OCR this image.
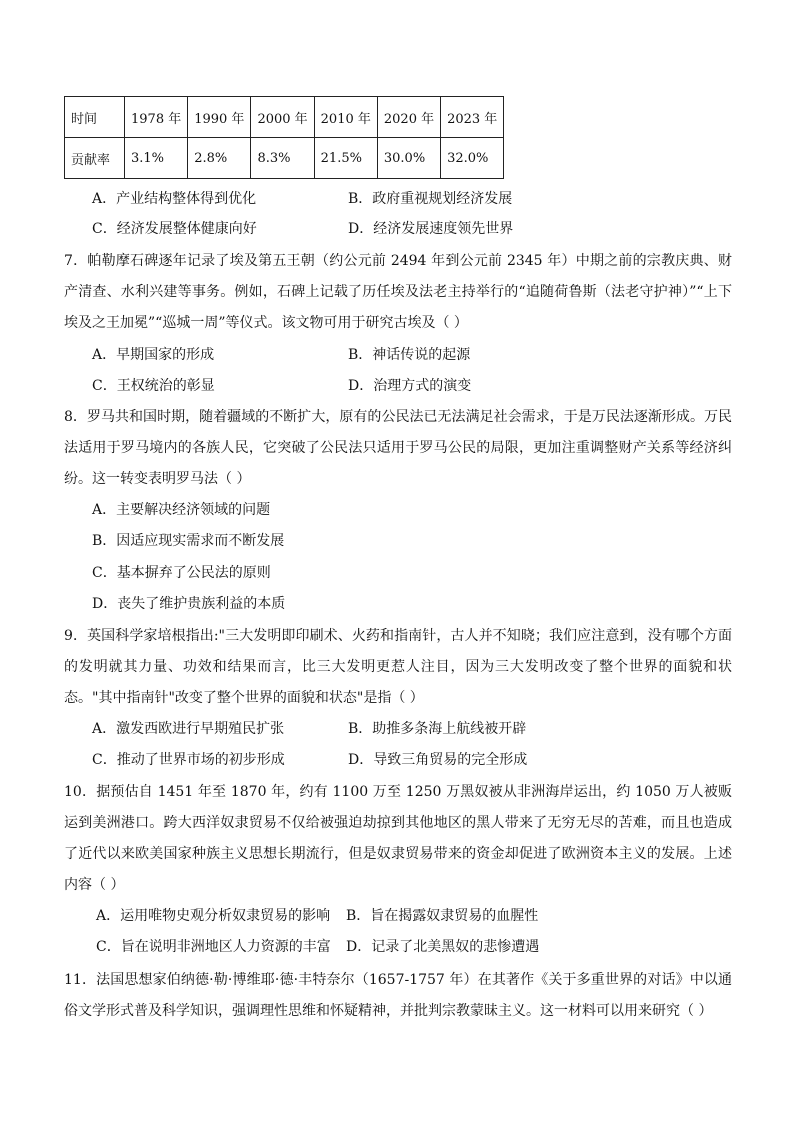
时间	1978 年	1990 年	2000 年	2010 年	2020 年	2023 年
贡献率	3.1%	2.8%	8.3%	21.5%	30.0%	32.0%
A．产业结构整体得到优化	B．政府重视规划经济发展
C．经济发展整体健康向好	D．经济发展速度领先世界
7．帕勒摩石碑逐年记录了埃及第五王朝（约公元前 2494 年到公元前 2345 年）中期之前的宗教庆典、财产清查、水利兴建等事务。例如，石碑上记载了历任埃及法老主持举行的“追随荷鲁斯（法老守护神）”“上下埃及之王加冕”“巡城一周”等仪式。该文物可用于研究古埃及（ ）
A．早期国家的形成	B．神话传说的起源
C．王权统治的彰显	D．治理方式的演变
8．罗马共和国时期，随着疆域的不断扩大，原有的公民法已无法满足社会需求，于是万民法逐渐形成。万民法适用于罗马境内的各族人民，它突破了公民法只适用于罗马公民的局限，更加注重调整财产关系等经济纠纷。这一转变表明罗马法（ ）
A．主要解决经济领域的问题
B．因适应现实需求而不断发展
C．基本摒弃了公民法的原则
D．丧失了维护贵族利益的本质
9．英国科学家培根指出:"三大发明即印刷术、火药和指南针，古人并不知晓；我们应注意到，没有哪个方面的发明就其力量、功效和结果而言，比三大发明更惹人注目，因为三大发明改变了整个世界的面貌和状态。"其中指南针"改变了整个世界的面貌和状态"是指（ ）
A．激发西欧进行早期殖民扩张	B．助推多条海上航线被开辟
C．推动了世界市场的初步形成	D．导致三角贸易的完全形成
10．据预估自 1451 年至 1870 年，约有 1100 万至 1250 万黑奴被从非洲海岸运出，约 1050 万人被贩运到美洲港口。跨大西洋奴隶贸易不仅给被强迫劫掠到其他地区的黑人带来了无穷无尽的苦难，而且也造成了近代以来欧美国家种族主义思想长期流行，但是奴隶贸易带来的资金却促进了欧洲资本主义的发展。上述内容（ ）
A．运用唯物史观分析奴隶贸易的影响 B．旨在揭露奴隶贸易的血腥性
C．旨在说明非洲地区人力资源的丰富 D．记录了北美黑奴的悲惨遭遇
11．法国思想家伯纳德·勒·博维耶·德·丰特奈尔（1657-1757 年）在其著作《关于多重世界的对话》中以通俗文学形式普及科学知识，强调理性思维和怀疑精神，并批判宗教蒙昧主义。这一材料可以用来研究（ ）
